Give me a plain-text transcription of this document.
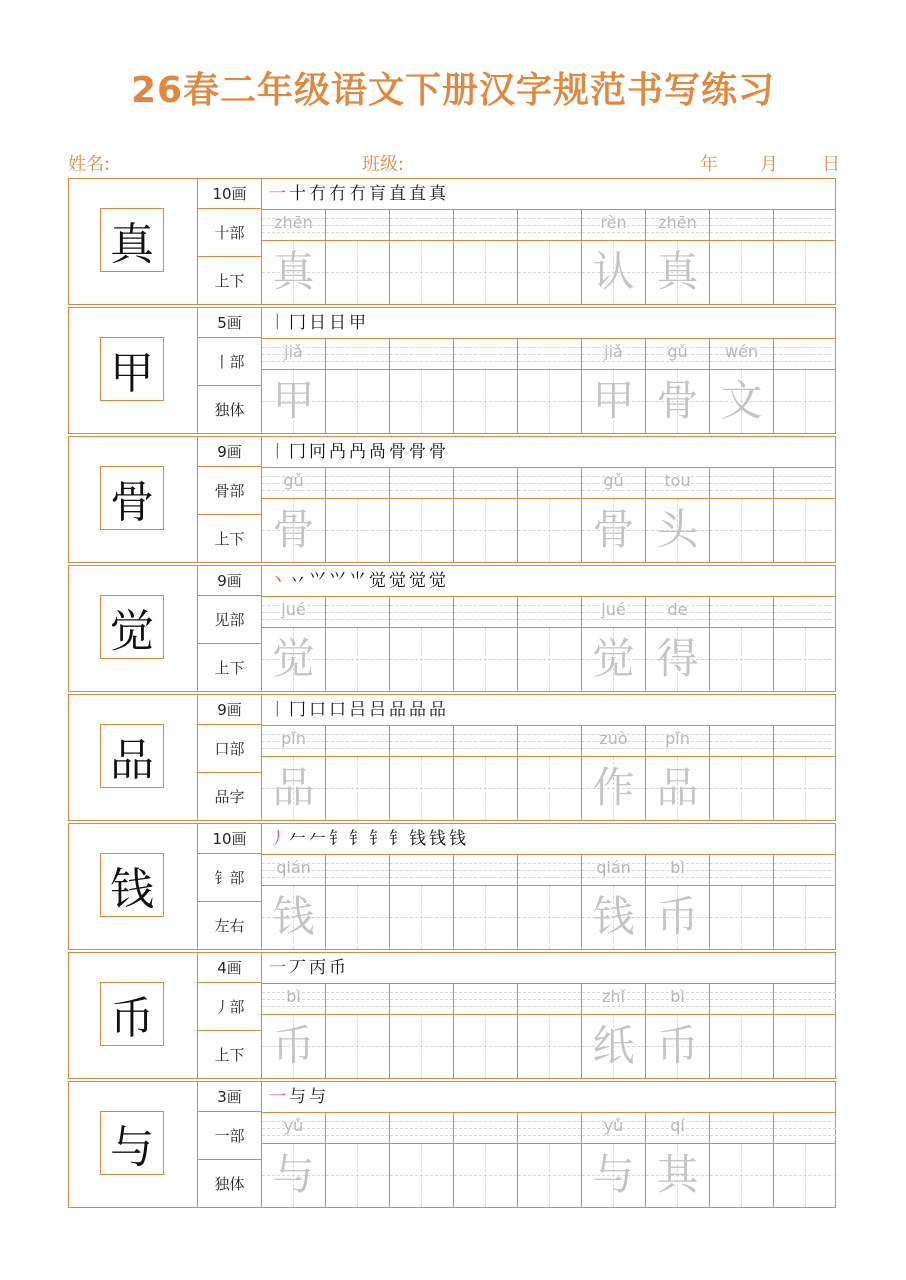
26春二年级语文下册汉字规范书写练习
姓名:	班级:	年 月 日
真
10画
十部
上下
一十冇冇冇肓直直真
zhēn
真
rèn
认
zhēn
真
甲
5画
丨部
独体
丨冂日日甲
jiǎ
甲
jiǎ
甲
gǔ
骨
wén
文
骨
9画
骨部
上下
丨冂冋冎冎咼骨骨骨
gǔ
骨
gǔ
骨
tou
头
觉
9画
见部
上下
丶丷⺍⺍⺌觉觉觉觉
jué
觉
jué
觉
de
得
品
9画
口部
品字
丨冂口口吕吕品品品
pǐn
品
zuò
作
pǐn
品
钱
10画
钅部
左右
丿𠂉𠂉钅钅钅钅钱钱钱
qián
钱
qián
钱
bì
币
币
4画
丿部
上下
一丆丙币
bì
币
zhǐ
纸
bì
币
与
3画
一部
独体
一与与
yǔ
与
yǔ
与
qí
其
